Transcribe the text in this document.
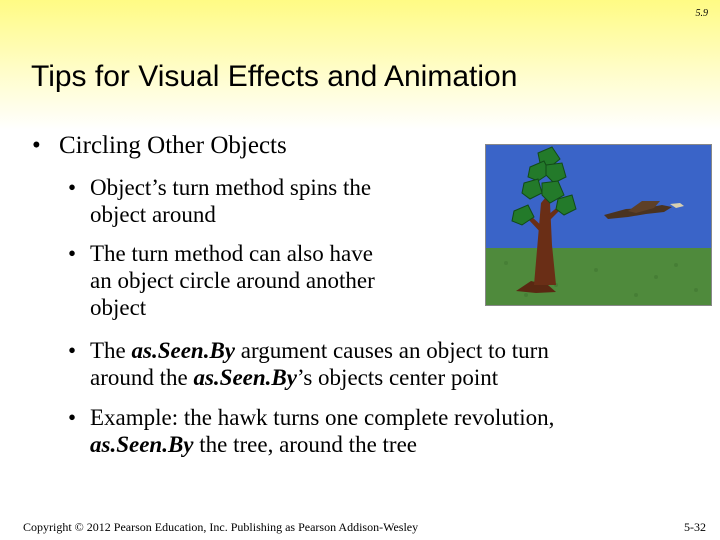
5.9
Tips for Visual Effects and Animation
• Circling Other Objects
• Object’s turn method spins the
object around
• The turn method can also have
an object circle around another
object
• The as.Seen.By argument causes an object to turn
around the as.Seen.By’s objects center point
• Example: the hawk turns one complete revolution,
as.Seen.By the tree, around the tree
Copyright © 2012 Pearson Education, Inc. Publishing as Pearson Addison-Wesley	5-32
